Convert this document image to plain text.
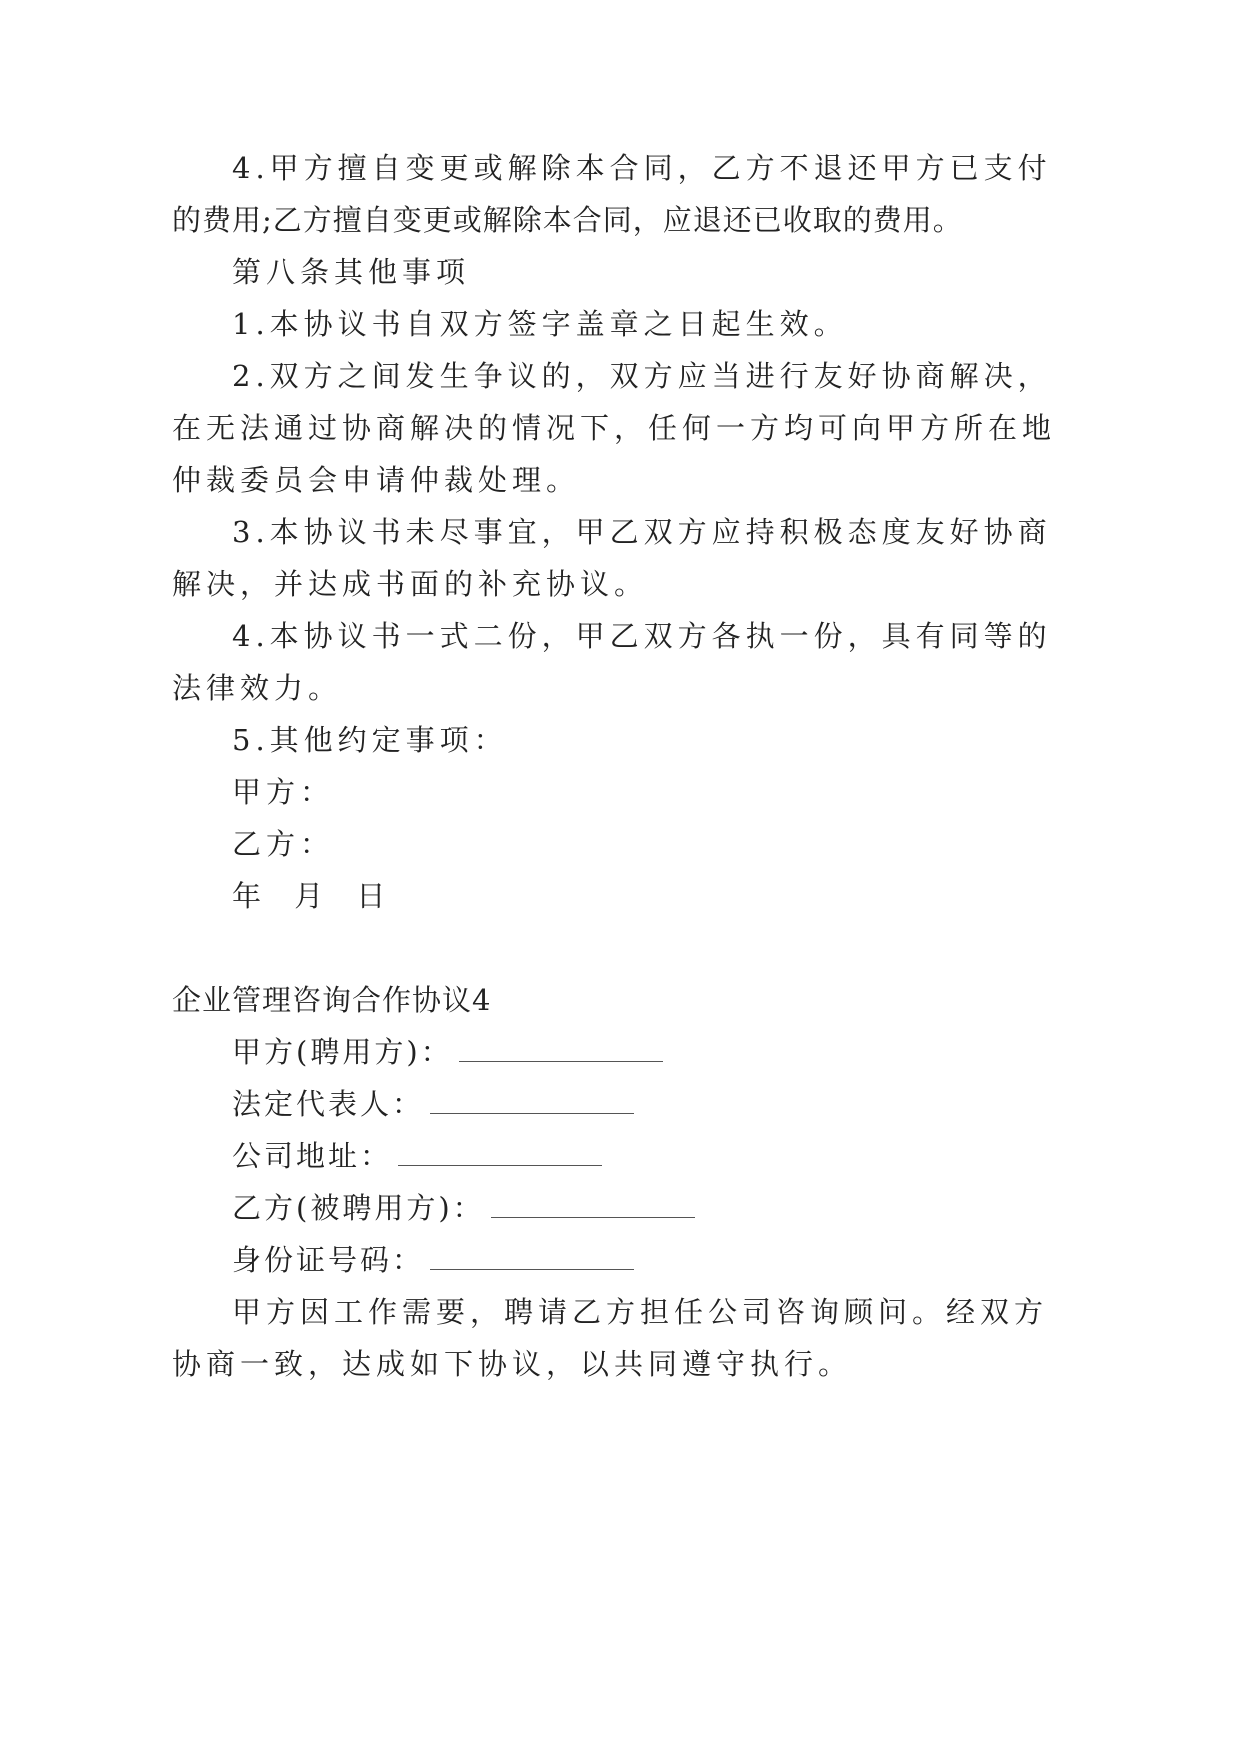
4.甲方擅自变更或解除本合同，乙方不退还甲方已支付
的费用;乙方擅自变更或解除本合同，应退还已收取的费用。
第八条其他事项
1.本协议书自双方签字盖章之日起生效。
2.双方之间发生争议的，双方应当进行友好协商解决，
在无法通过协商解决的情况下，任何一方均可向甲方所在地
仲裁委员会申请仲裁处理。
3.本协议书未尽事宜，甲乙双方应持积极态度友好协商
解决，并达成书面的补充协议。
4.本协议书一式二份，甲乙双方各执一份，具有同等的
法律效力。
5.其他约定事项：
甲方：
乙方：
年 月 日
企业管理咨询合作协议4
甲方(聘用方)：
法定代表人：
公司地址：
乙方(被聘用方)：
身份证号码：
甲方因工作需要，聘请乙方担任公司咨询顾问。经双方
协商一致，达成如下协议，以共同遵守执行。
